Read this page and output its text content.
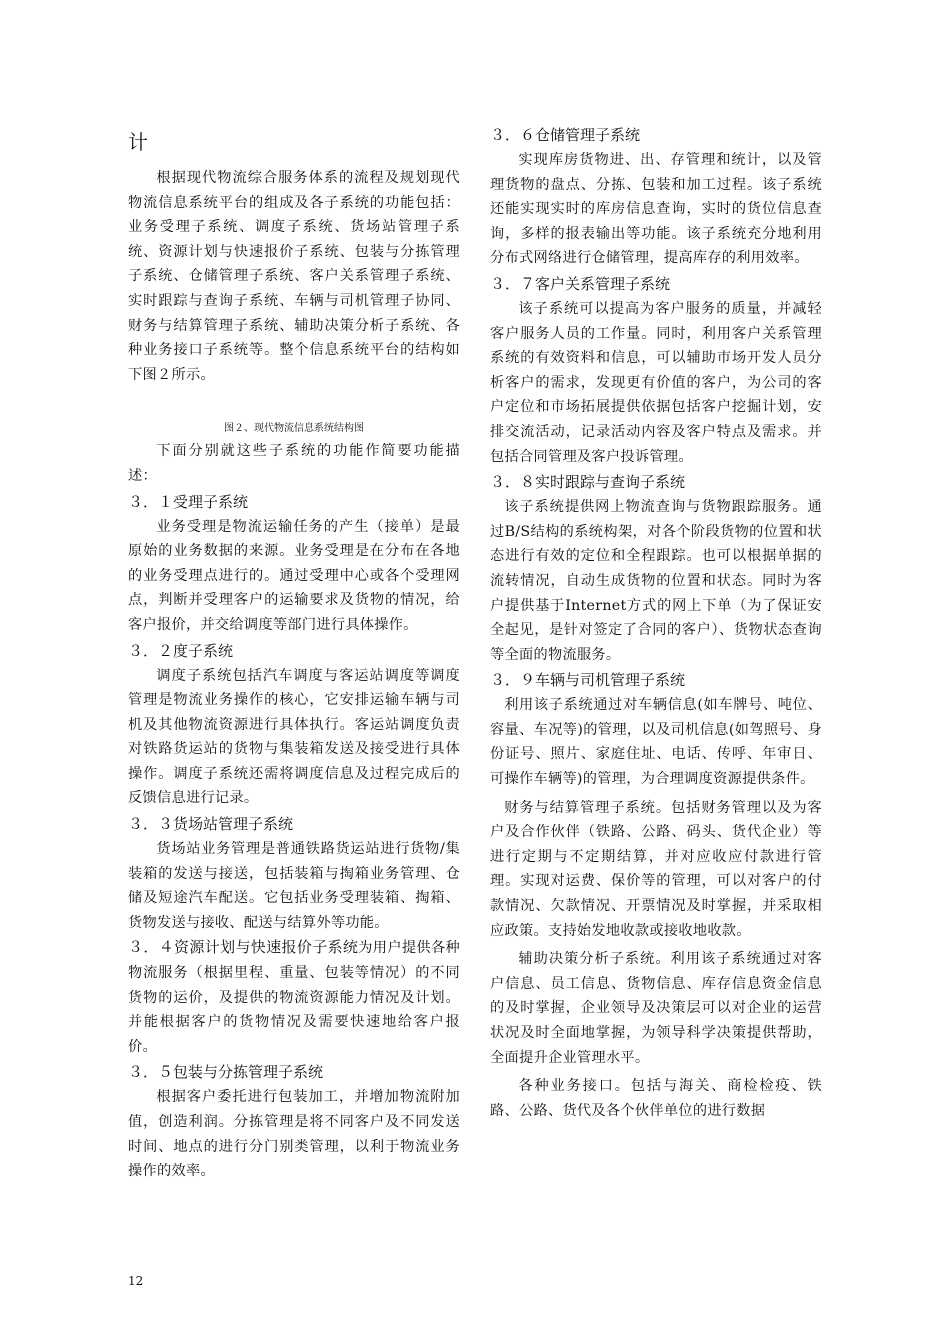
计

根据现代物流综合服务体系的流程及规划现代物流信息系统平台的组成及各子系统的功能包括：业务受理子系统、调度子系统、货场站管理子系统、资源计划与快速报价子系统、包装与分拣管理子系统、仓储管理子系统、客户关系管理子系统、实时跟踪与查询子系统、车辆与司机管理子协同、财务与结算管理子系统、辅助决策分析子系统、各种业务接口子系统等。整个信息系统平台的结构如下图２所示。

图２、现代物流信息系统结构图

下面分别就这些子系统的功能作简要功能描述：

３．１受理子系统

业务受理是物流运输任务的产生（接单）是最原始的业务数据的来源。业务受理是在分布在各地的业务受理点进行的。通过受理中心或各个受理网点，判断并受理客户的运输要求及货物的情况，给客户报价，并交给调度等部门进行具体操作。

３．２度子系统

调度子系统包括汽车调度与客运站调度等调度管理是物流业务操作的核心，它安排运输车辆与司机及其他物流资源进行具体执行。客运站调度负责对铁路货运站的货物与集装箱发送及接受进行具体操作。调度子系统还需将调度信息及过程完成后的反馈信息进行记录。

３．３货场站管理子系统

货场站业务管理是普通铁路货运站进行货物/集装箱的发送与接送，包括装箱与掏箱业务管理、仓储及短途汽车配送。它包括业务受理装箱、掏箱、货物发送与接收、配送与结算外等功能。

３．４资源计划与快速报价子系统为用户提供各种物流服务（根据里程、重量、包装等情况）的不同货物的运价，及提供的物流资源能力情况及计划。并能根据客户的货物情况及需要快速地给客户报价。

３．５包装与分拣管理子系统

根据客户委托进行包装加工，并增加物流附加值，创造利润。分拣管理是将不同客户及不同发送时间、地点的进行分门别类管理，以利于物流业务操作的效率。

３．６仓储管理子系统

实现库房货物进、出、存管理和统计，以及管理货物的盘点、分拣、包装和加工过程。该子系统还能实现实时的库房信息查询，实时的货位信息查询，多样的报表输出等功能。该子系统充分地利用分布式网络进行仓储管理，提高库存的利用效率。

３．７客户关系管理子系统

该子系统可以提高为客户服务的质量，并减轻客户服务人员的工作量。同时，利用客户关系管理系统的有效资料和信息，可以辅助市场开发人员分析客户的需求，发现更有价值的客户，为公司的客户定位和市场拓展提供依据包括客户挖掘计划，安排交流活动，记录活动内容及客户特点及需求。并包括合同管理及客户投诉管理。

３．８实时跟踪与查询子系统

该子系统提供网上物流查询与货物跟踪服务。通过B/S结构的系统构架，对各个阶段货物的位置和状态进行有效的定位和全程跟踪。也可以根据单据的流转情况，自动生成货物的位置和状态。同时为客户提供基于Internet方式的网上下单（为了保证安全起见，是针对签定了合同的客户）、货物状态查询等全面的物流服务。

３．９车辆与司机管理子系统

利用该子系统通过对车辆信息(如车牌号、吨位、容量、车况等)的管理，以及司机信息(如驾照号、身份证号、照片、家庭住址、电话、传呼、年审日、可操作车辆等)的管理，为合理调度资源提供条件。

财务与结算管理子系统。包括财务管理以及为客户及合作伙伴（铁路、公路、码头、货代企业）等进行定期与不定期结算，并对应收应付款进行管理。实现对运费、保价等的管理，可以对客户的付款情况、欠款情况、开票情况及时掌握，并采取相应政策。支持始发地收款或接收地收款。

辅助决策分析子系统。利用该子系统通过对客户信息、员工信息、货物信息、库存信息资金信息的及时掌握，企业领导及决策层可以对企业的运营状况及时全面地掌握，为领导科学决策提供帮助，全面提升企业管理水平。

各种业务接口。包括与海关、商检检疫、铁路、公路、货代及各个伙伴单位的进行数据

12
